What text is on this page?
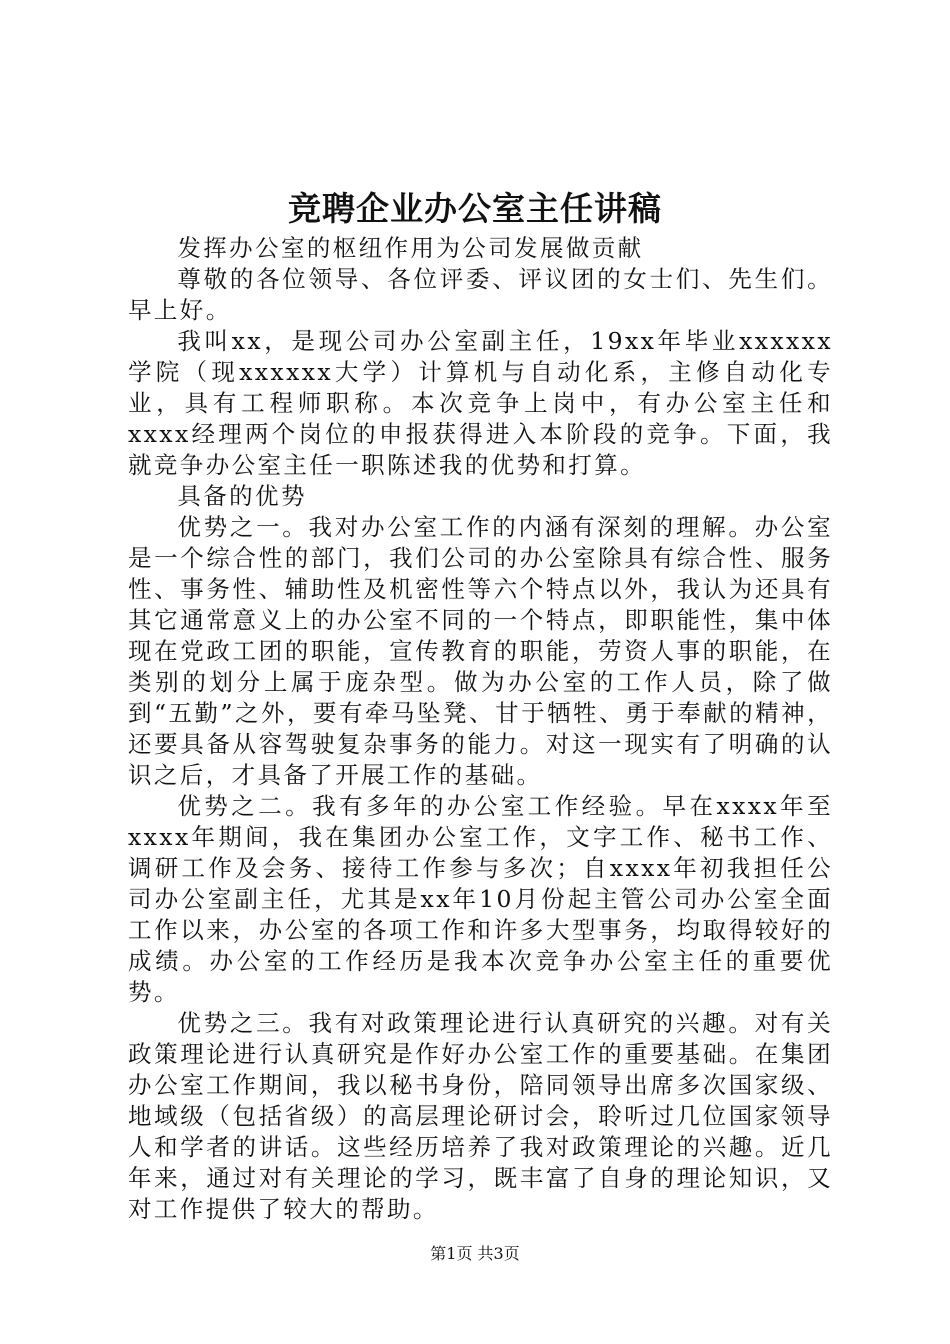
竞聘企业办公室主任讲稿

发挥办公室的枢纽作用为公司发展做贡献

尊敬的各位领导、各位评委、评议团的女士们、先生们。早上好。

我叫xx，是现公司办公室副主任，19xx年毕业xxxxxx学院（现xxxxxx大学）计算机与自动化系，主修自动化专业，具有工程师职称。本次竞争上岗中，有办公室主任和xxxx经理两个岗位的申报获得进入本阶段的竞争。下面，我就竞争办公室主任一职陈述我的优势和打算。

具备的优势

优势之一。我对办公室工作的内涵有深刻的理解。办公室是一个综合性的部门，我们公司的办公室除具有综合性、服务性、事务性、辅助性及机密性等六个特点以外，我认为还具有其它通常意义上的办公室不同的一个特点，即职能性，集中体现在党政工团的职能，宣传教育的职能，劳资人事的职能，在类别的划分上属于庞杂型。做为办公室的工作人员，除了做到“五勤”之外，要有牵马坠凳、甘于牺牲、勇于奉献的精神，还要具备从容驾驶复杂事务的能力。对这一现实有了明确的认识之后，才具备了开展工作的基础。

优势之二。我有多年的办公室工作经验。早在xxxx年至xxxx年期间，我在集团办公室工作，文字工作、秘书工作、调研工作及会务、接待工作参与多次；自xxxx年初我担任公司办公室副主任，尤其是xx年10月份起主管公司办公室全面工作以来，办公室的各项工作和许多大型事务，均取得较好的成绩。办公室的工作经历是我本次竞争办公室主任的重要优势。

优势之三。我有对政策理论进行认真研究的兴趣。对有关政策理论进行认真研究是作好办公室工作的重要基础。在集团办公室工作期间，我以秘书身份，陪同领导出席多次国家级、地域级（包括省级）的高层理论研讨会，聆听过几位国家领导人和学者的讲话。这些经历培养了我对政策理论的兴趣。近几年来，通过对有关理论的学习，既丰富了自身的理论知识，又对工作提供了较大的帮助。

第1页 共3页
